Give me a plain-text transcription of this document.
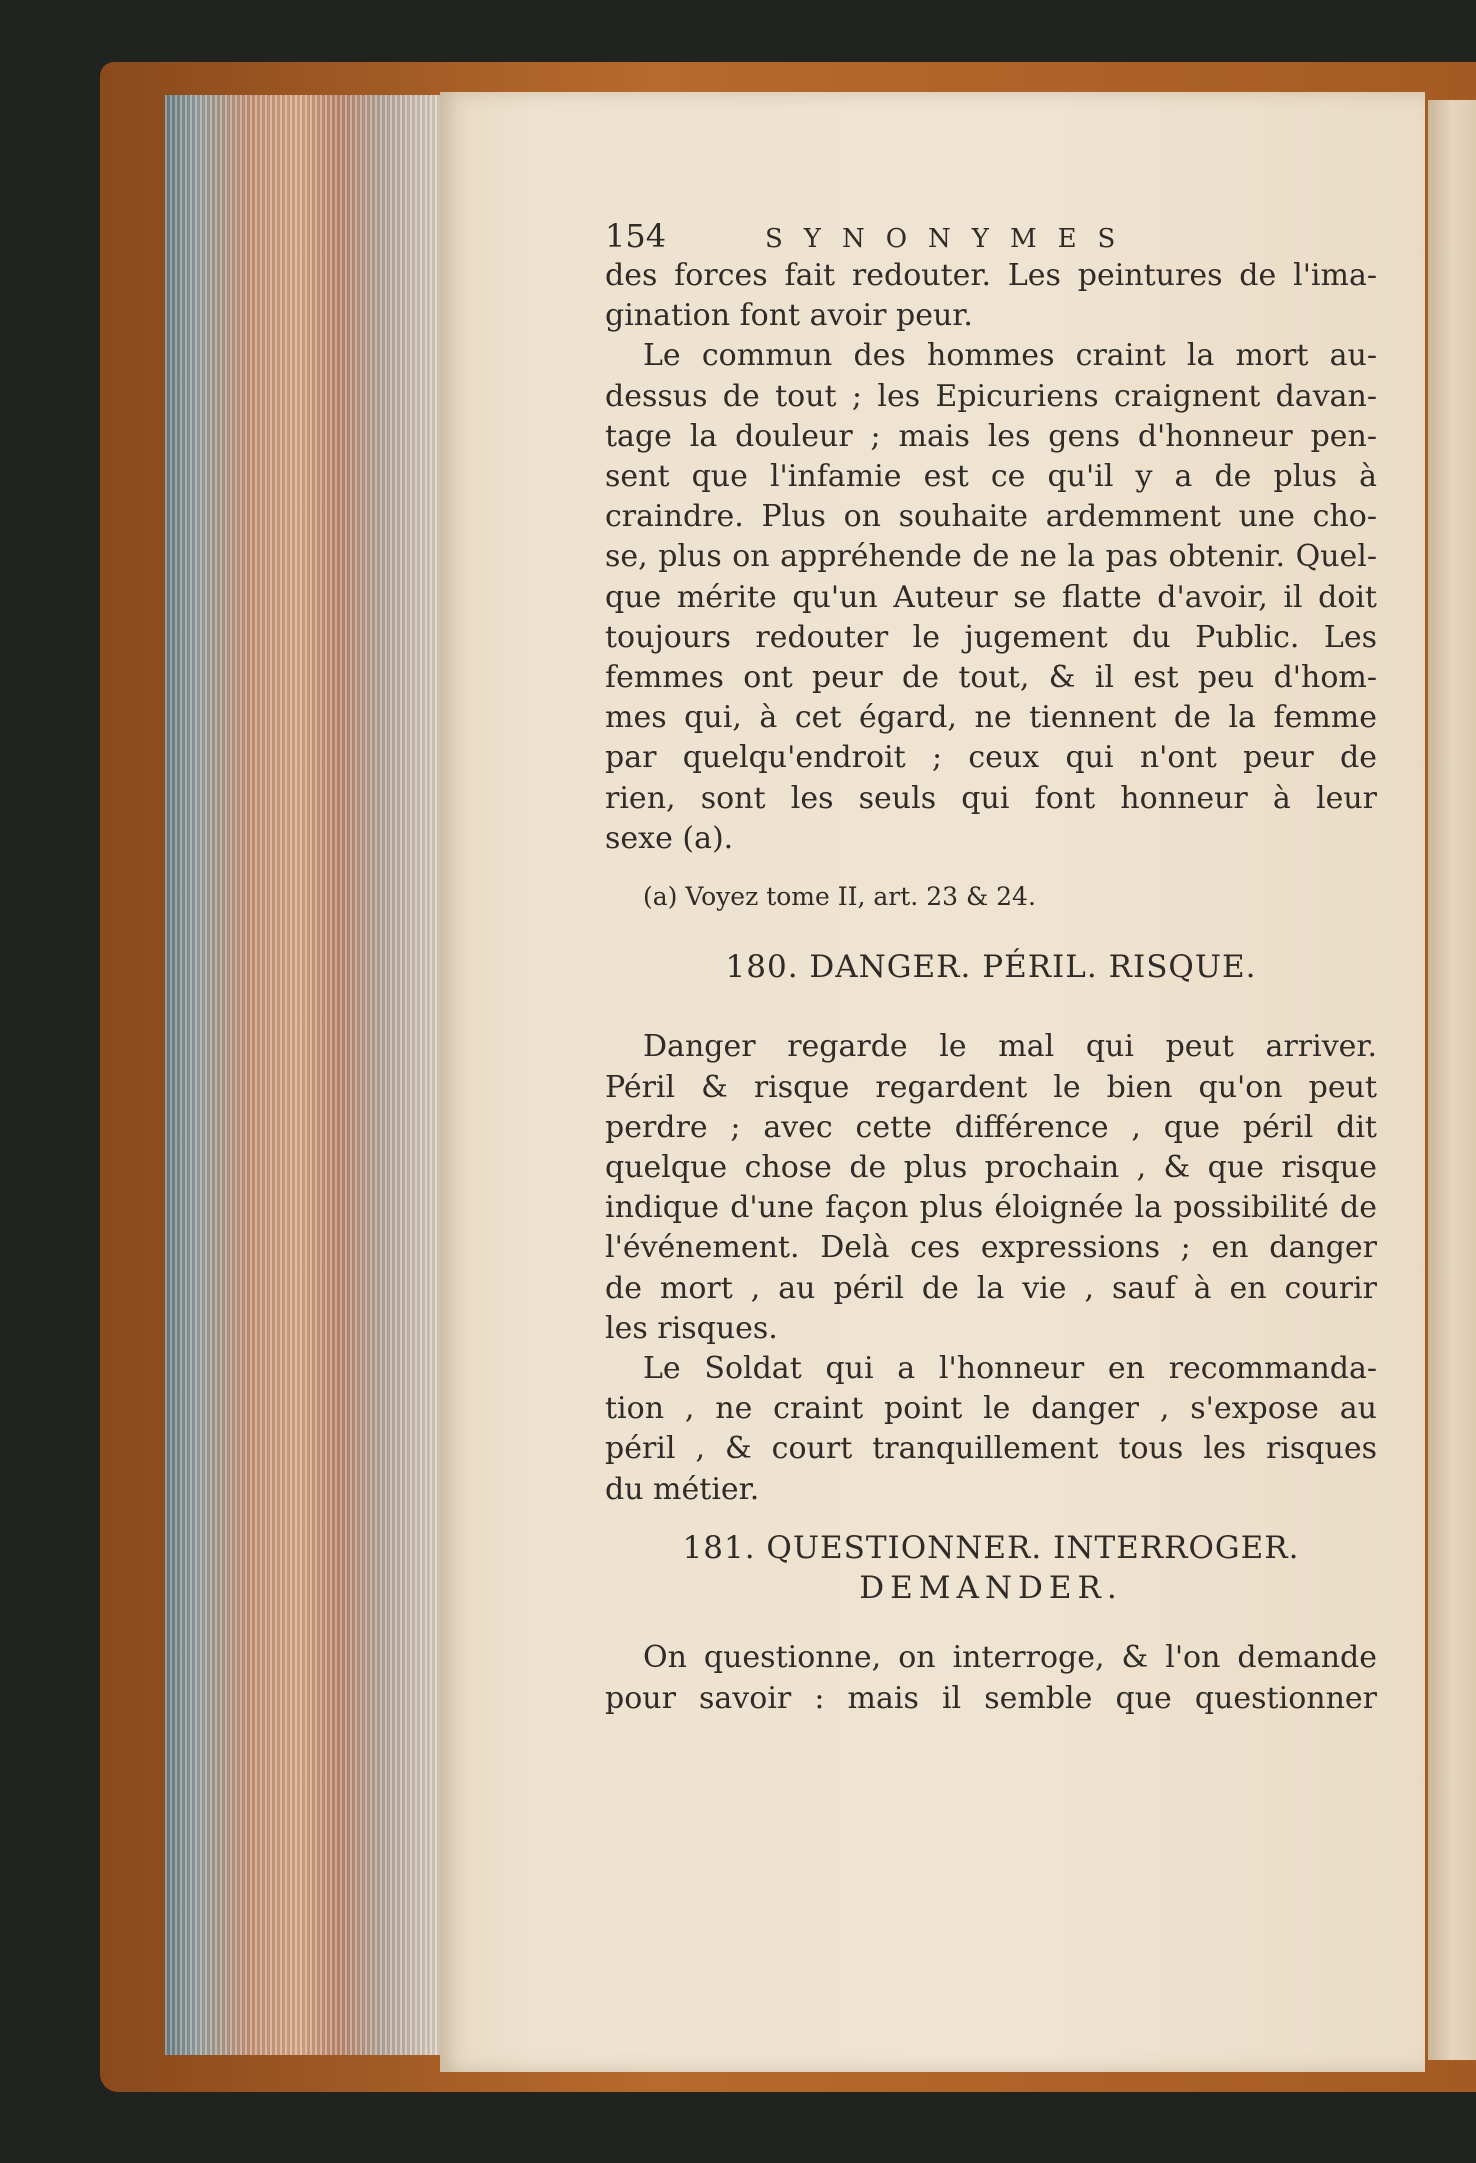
154	SYNONYMES
des forces fait redouter. Les peintures de l'ima-
gination font avoir peur.
Le commun des hommes craint la mort au-
dessus de tout ; les Epicuriens craignent davan-
tage la douleur ; mais les gens d'honneur pen-
sent que l'infamie est ce qu'il y a de plus à
craindre. Plus on souhaite ardemment une cho-
se, plus on appréhende de ne la pas obtenir. Quel-
que mérite qu'un Auteur se flatte d'avoir, il doit
toujours redouter le jugement du Public. Les
femmes ont peur de tout, & il est peu d'hom-
mes qui, à cet égard, ne tiennent de la femme
par quelqu'endroit ; ceux qui n'ont peur de
rien, sont les seuls qui font honneur à leur
sexe (a).
(a) Voyez tome II, art. 23 & 24.
180. DANGER. PÉRIL. RISQUE.
Danger regarde le mal qui peut arriver.
Péril & risque regardent le bien qu'on peut
perdre ; avec cette différence , que péril dit
quelque chose de plus prochain , & que risque
indique d'une façon plus éloignée la possibilité de
l'événement. Delà ces expressions ; en danger
de mort , au péril de la vie , sauf à en courir
les risques.
Le Soldat qui a l'honneur en recommanda-
tion , ne craint point le danger , s'expose au
péril , & court tranquillement tous les risques
du métier.
181. QUESTIONNER. INTERROGER.
DEMANDER.
On questionne, on interroge, & l'on demande
pour savoir : mais il semble que questionner
